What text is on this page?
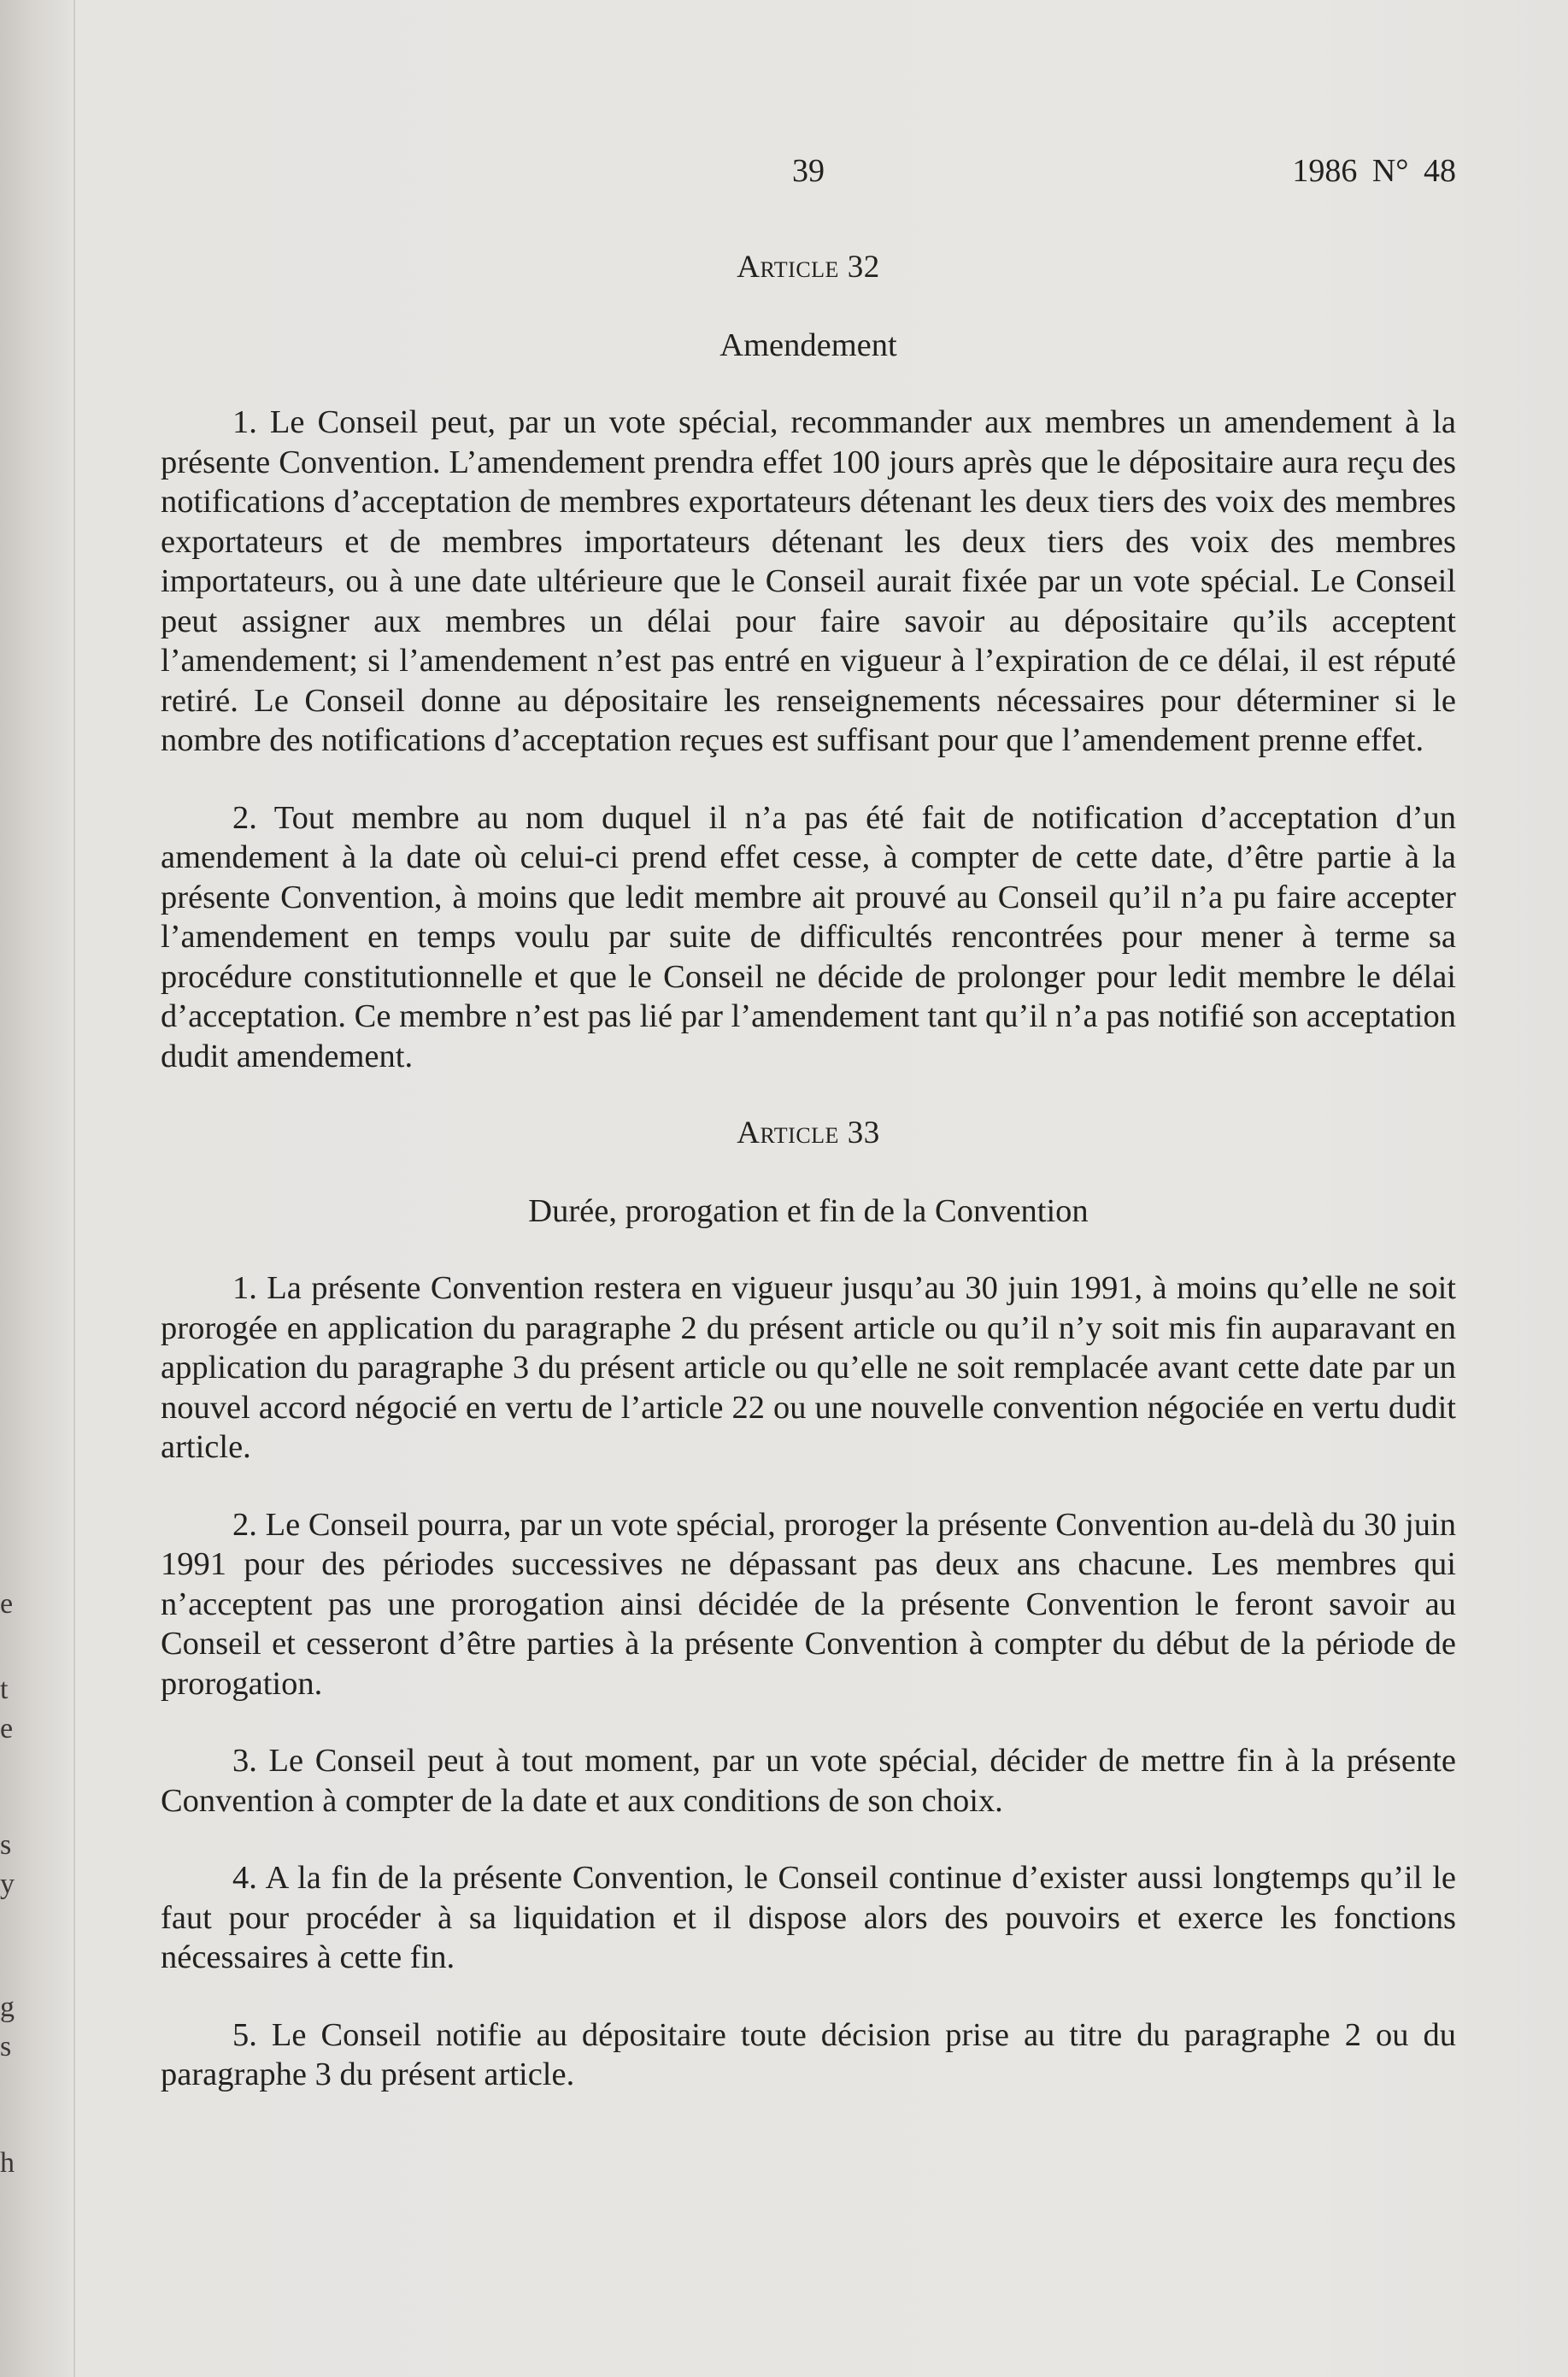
e
t
e
s
y
g
s
h
39	1986 N° 48
Article 32
Amendement

1. Le Conseil peut, par un vote spécial, recommander aux membres un amendement à la présente Convention. L’amendement prendra effet 100 jours après que le dépositaire aura reçu des notifications d’acceptation de membres exportateurs détenant les deux tiers des voix des membres exportateurs et de membres importateurs détenant les deux tiers des voix des membres importateurs, ou à une date ultérieure que le Conseil aurait fixée par un vote spécial. Le Conseil peut assigner aux membres un délai pour faire savoir au dépositaire qu’ils acceptent l’amendement; si l’amendement n’est pas entré en vigueur à l’expiration de ce délai, il est réputé retiré. Le Conseil donne au dépositaire les renseignements nécessaires pour déterminer si le nombre des notifications d’acceptation reçues est suffisant pour que l’amendement prenne effet.

2. Tout membre au nom duquel il n’a pas été fait de notification d’acceptation d’un amendement à la date où celui-ci prend effet cesse, à compter de cette date, d’être partie à la présente Convention, à moins que ledit membre ait prouvé au Conseil qu’il n’a pu faire accepter l’amendement en temps voulu par suite de difficultés rencontrées pour mener à terme sa procédure constitutionnelle et que le Conseil ne décide de prolonger pour ledit membre le délai d’acceptation. Ce membre n’est pas lié par l’amendement tant qu’il n’a pas notifié son acceptation dudit amendement.

Article 33
Durée, prorogation et fin de la Convention

1. La présente Convention restera en vigueur jusqu’au 30 juin 1991, à moins qu’elle ne soit prorogée en application du paragraphe 2 du présent article ou qu’il n’y soit mis fin auparavant en application du paragraphe 3 du présent article ou qu’elle ne soit remplacée avant cette date par un nouvel accord négocié en vertu de l’article 22 ou une nouvelle convention négociée en vertu dudit article.

2. Le Conseil pourra, par un vote spécial, proroger la présente Convention au-delà du 30 juin 1991 pour des périodes successives ne dépassant pas deux ans chacune. Les membres qui n’acceptent pas une prorogation ainsi décidée de la présente Convention le feront savoir au Conseil et cesseront d’être parties à la présente Convention à compter du début de la période de prorogation.

3. Le Conseil peut à tout moment, par un vote spécial, décider de mettre fin à la présente Convention à compter de la date et aux conditions de son choix.

4. A la fin de la présente Convention, le Conseil continue d’exister aussi longtemps qu’il le faut pour procéder à sa liquidation et il dispose alors des pouvoirs et exerce les fonctions nécessaires à cette fin.

5. Le Conseil notifie au dépositaire toute décision prise au titre du paragraphe 2 ou du paragraphe 3 du présent article.
